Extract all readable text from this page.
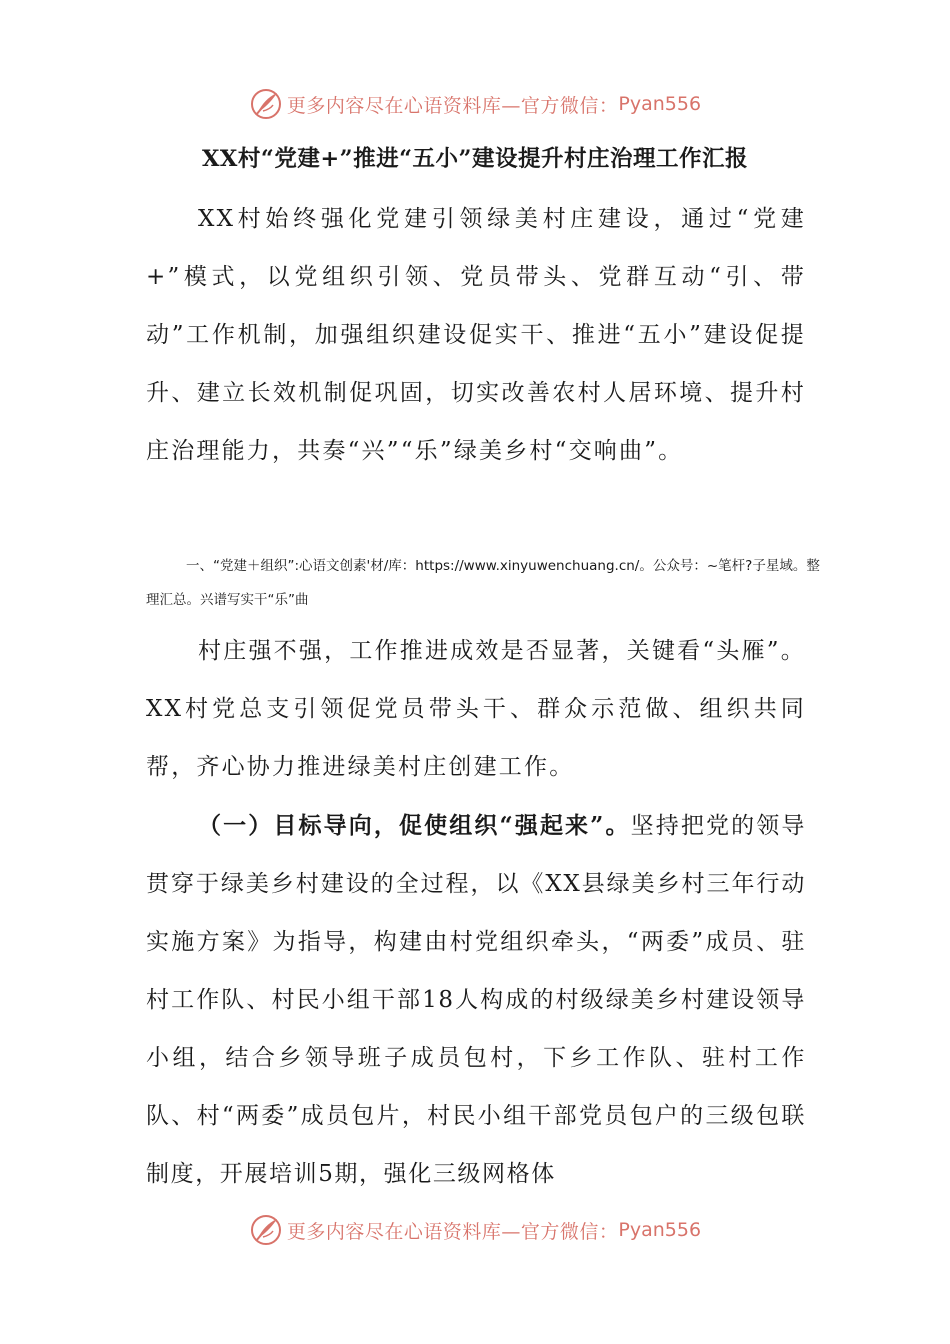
更多内容尽在心语资料库—官方微信： Pyan556
XX村“党建+”推进“五小”建设提升村庄治理工作汇报

XX村始终强化党建引领绿美村庄建设，通过“党建+”模式，以党组织引领、党员带头、党群互动“引、带动”工作机制，加强组织建设促实干、推进“五小”建设促提升、建立长效机制促巩固，切实改善农村人居环境、提升村庄治理能力，共奏“兴”“乐”绿美乡村“交响曲”。

一、“党建＋组织”:心语文创素'材/库：https://www.xinyuwenchuang.cn/。公众号：~笔杆?子星域。整理汇总。兴谱写实干“乐”曲

村庄强不强，工作推进成效是否显著，关键看“头雁”。XX村党总支引领促党员带头干、群众示范做、组织共同帮，齐心协力推进绿美村庄创建工作。

（一）目标导向，促使组织“强起来”。坚持把党的领导贯穿于绿美乡村建设的全过程，以《XX县绿美乡村三年行动实施方案》为指导，构建由村党组织牵头，“两委”成员、驻村工作队、村民小组干部18人构成的村级绿美乡村建设领导小组，结合乡领导班子成员包村，下乡工作队、驻村工作队、村“两委”成员包片，村民小组干部党员包户的三级包联制度，开展培训5期，强化三级网格体

更多内容尽在心语资料库—官方微信： Pyan556
